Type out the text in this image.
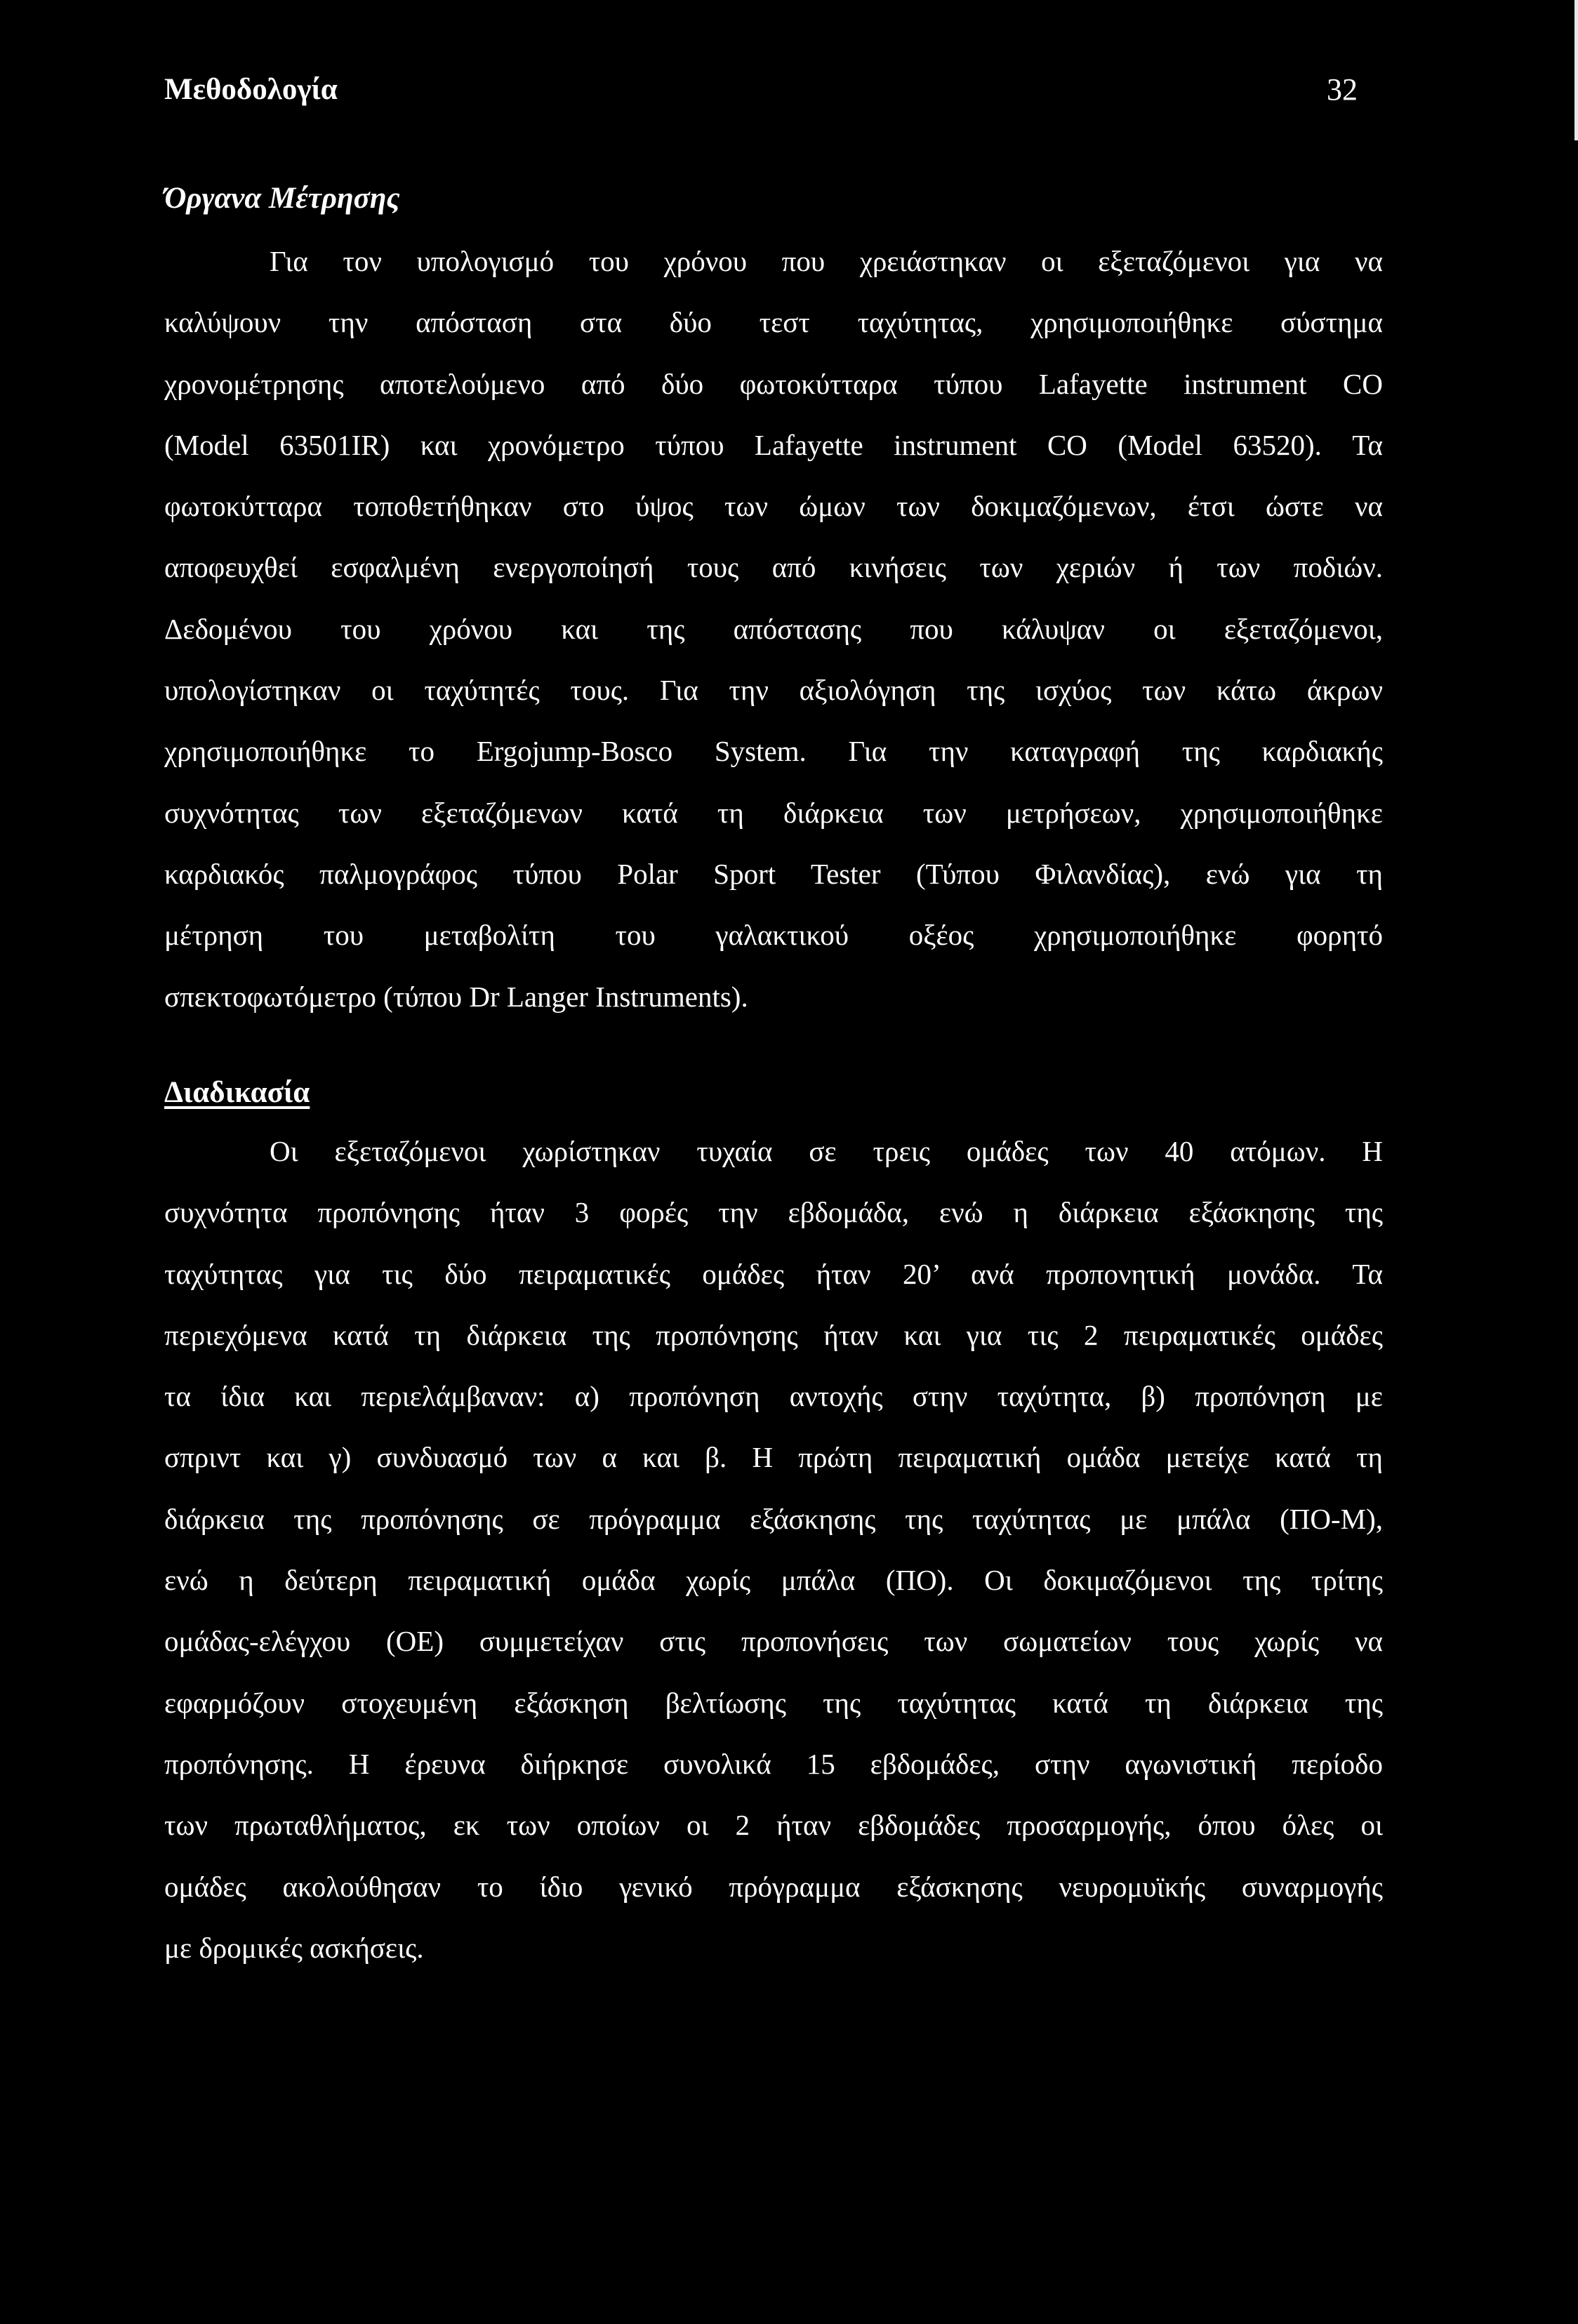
Μεθοδολογία	32
Όργανα Μέτρησης
Για τον υπολογισμό του χρόνου που χρειάστηκαν οι εξεταζόμενοι για να
καλύψουν την απόσταση στα δύο τεστ ταχύτητας, χρησιμοποιήθηκε σύστημα
χρονομέτρησης αποτελούμενο από δύο φωτοκύτταρα τύπου Lafayette instrument CO
(Model 63501IR) και χρονόμετρο τύπου Lafayette instrument CO (Model 63520). Τα
φωτοκύτταρα τοποθετήθηκαν στο ύψος των ώμων των δοκιμαζόμενων, έτσι ώστε να
αποφευχθεί εσφαλμένη ενεργοποίησή τους από κινήσεις των χεριών ή των ποδιών.
Δεδομένου του χρόνου και της απόστασης που κάλυψαν οι εξεταζόμενοι,
υπολογίστηκαν οι ταχύτητές τους. Για την αξιολόγηση της ισχύος των κάτω άκρων
χρησιμοποιήθηκε το Ergojump-Bosco System. Για την καταγραφή της καρδιακής
συχνότητας των εξεταζόμενων κατά τη διάρκεια των μετρήσεων, χρησιμοποιήθηκε
καρδιακός παλμογράφος τύπου Polar Sport Tester (Τύπου Φιλανδίας), ενώ για τη
μέτρηση του μεταβολίτη του γαλακτικού οξέος χρησιμοποιήθηκε φορητό
σπεκτοφωτόμετρο (τύπου Dr Langer Instruments).
Διαδικασία
Οι εξεταζόμενοι χωρίστηκαν τυχαία σε τρεις ομάδες των 40 ατόμων. Η
συχνότητα προπόνησης ήταν 3 φορές την εβδομάδα, ενώ η διάρκεια εξάσκησης της
ταχύτητας για τις δύο πειραματικές ομάδες ήταν 20’ ανά προπονητική μονάδα. Τα
περιεχόμενα κατά τη διάρκεια της προπόνησης ήταν και για τις 2 πειραματικές ομάδες
τα ίδια και περιελάμβαναν: α) προπόνηση αντοχής στην ταχύτητα, β) προπόνηση με
σπριντ και γ) συνδυασμό των α και β. Η πρώτη πειραματική ομάδα μετείχε κατά τη
διάρκεια της προπόνησης σε πρόγραμμα εξάσκησης της ταχύτητας με μπάλα (ΠΟ-Μ),
ενώ η δεύτερη πειραματική ομάδα χωρίς μπάλα (ΠΟ). Οι δοκιμαζόμενοι της τρίτης
ομάδας-ελέγχου (ΟΕ) συμμετείχαν στις προπονήσεις των σωματείων τους χωρίς να
εφαρμόζουν στοχευμένη εξάσκηση βελτίωσης της ταχύτητας κατά τη διάρκεια της
προπόνησης. Η έρευνα διήρκησε συνολικά 15 εβδομάδες, στην αγωνιστική περίοδο
των πρωταθλήματος, εκ των οποίων οι 2 ήταν εβδομάδες προσαρμογής, όπου όλες οι
ομάδες ακολούθησαν το ίδιο γενικό πρόγραμμα εξάσκησης νευρομυϊκής συναρμογής
με δρομικές ασκήσεις.
